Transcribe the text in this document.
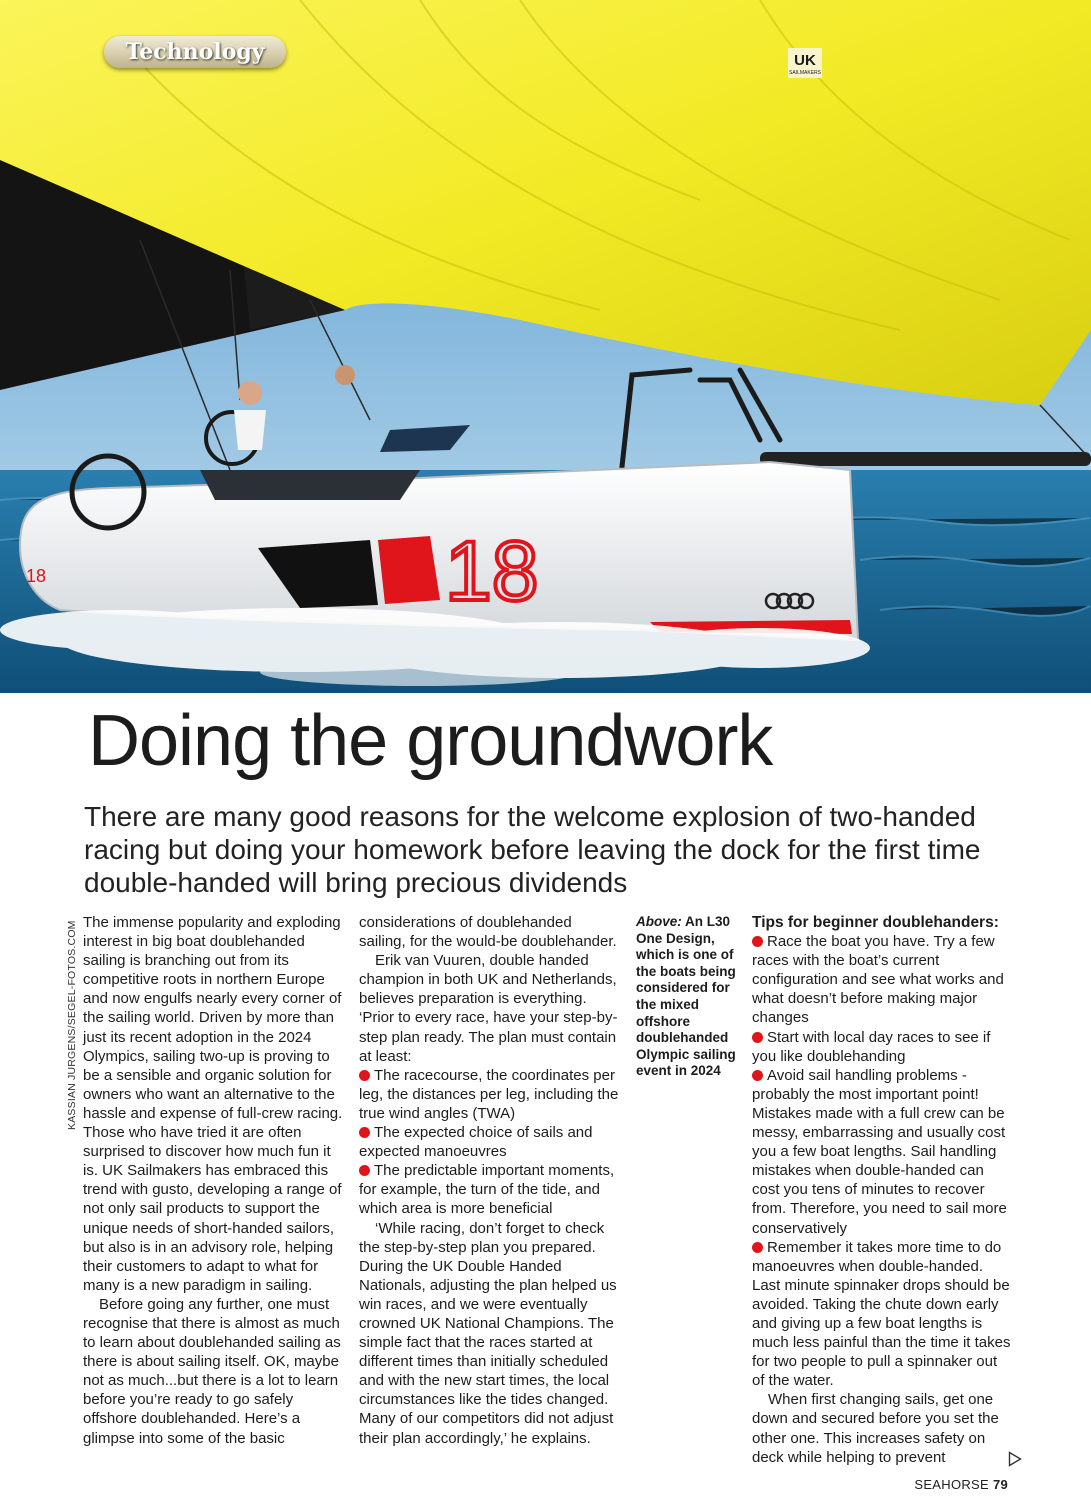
UK
SAILMAKERS
18
18
Technology
Doing the groundwork

There are many good reasons for the welcome explosion of two-handed racing but doing your homework before leaving the dock for the first time double-handed will bring precious dividends

KASSIAN JURGENS/SEGEL-FOTOS.COM The immense popularity and exploding interest in big boat doublehanded sailing is branching out from its competitive roots in northern Europe and now engulfs nearly every corner of the sailing world. Driven by more than just its recent adoption in the 2024 Olympics, sailing two-up is proving to be a sensible and organic solution for owners who want an alternative to the hassle and expense of full-crew racing. Those who have tried it are often surprised to discover how much fun it is. UK Sailmakers has embraced this trend with gusto, developing a range of not only sail products to support the unique needs of short-handed sailors, but also is in an advisory role, helping their customers to adapt to what for many is a new paradigm in sailing.

Before going any further, one must recognise that there is almost as much to learn about doublehanded sailing as there is about sailing itself. OK, maybe not as much...but there is a lot to learn before you’re ready to go safely offshore doublehanded. Here’s a glimpse into some of the basic

considerations of doublehanded sailing, for the would-be doublehander.

Erik van Vuuren, double handed champion in both UK and Netherlands, believes preparation is everything. ‘Prior to every race, have your step-by-step plan ready. The plan must contain at least:

The racecourse, the coordinates per leg, the distances per leg, including the true wind angles (TWA)

The expected choice of sails and expected manoeuvres

The predictable important moments, for example, the turn of the tide, and which area is more beneficial

‘While racing, don’t forget to check the step-by-step plan you prepared. During the UK Double Handed Nationals, adjusting the plan helped us win races, and we were eventually crowned UK National Champions. The simple fact that the races started at different times than initially scheduled and with the new start times, the local circumstances like the tides changed. Many of our competitors did not adjust their plan accordingly,’ he explains.

Above: An L30 One Design, which is one of the boats being considered for the mixed offshore doublehanded Olympic sailing event in 2024

Tips for beginner doublehanders:

Race the boat you have. Try a few races with the boat’s current configuration and see what works and what doesn’t before making major changes

Start with local day races to see if you like doublehanding

Avoid sail handling problems - probably the most important point! Mistakes made with a full crew can be messy, embarrassing and usually cost you a few boat lengths. Sail handling mistakes when double-handed can cost you tens of minutes to recover from. Therefore, you need to sail more conservatively

Remember it takes more time to do manoeuvres when double-handed. Last minute spinnaker drops should be avoided. Taking the chute down early and giving up a few boat lengths is much less painful than the time it takes for two people to pull a spinnaker out of the water.

When first changing sails, get one down and secured before you set the other one. This increases safety on deck while helping to prevent

SEAHORSE 79
